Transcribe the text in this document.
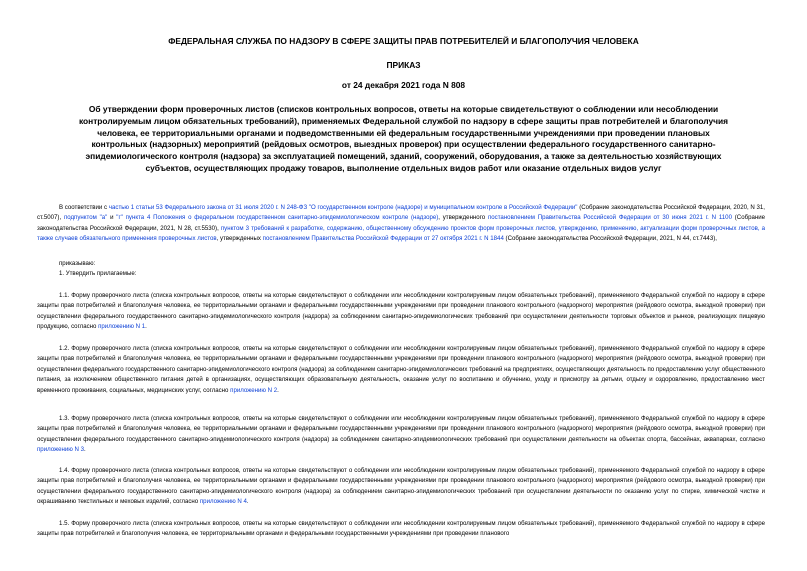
ФЕДЕРАЛЬНАЯ СЛУЖБА ПО НАДЗОРУ В СФЕРЕ ЗАЩИТЫ ПРАВ ПОТРЕБИТЕЛЕЙ И БЛАГОПОЛУЧИЯ ЧЕЛОВЕКА
ПРИКАЗ
от 24 декабря 2021 года N 808
Об утверждении форм проверочных листов (списков контрольных вопросов, ответы на которые свидетельствуют о соблюдении или несоблюдении контролируемым лицом обязательных требований), применяемых Федеральной службой по надзору в сфере защиты прав потребителей и благополучия человека, ее территориальными органами и подведомственными ей федеральным государственными учреждениями при проведении плановых контрольных (надзорных) мероприятий (рейдовых осмотров, выездных проверок) при осуществлении федерального государственного санитарно-эпидемиологического контроля (надзора) за эксплуатацией помещений, зданий, сооружений, оборудования, а также за деятельностью хозяйствующих субъектов, осуществляющих продажу товаров, выполнение отдельных видов работ или оказание отдельных видов услуг

В соответствии с частью 1 статьи 53 Федерального закона от 31 июля 2020 г. N 248-ФЗ "О государственном контроле (надзоре) и муниципальном контроле в Российской Федерации" (Собрание законодательства Российской Федерации, 2020, N 31, ст.5007), подпунктом "а" и "г" пункта 4 Положения о федеральном государственном санитарно-эпидемиологическом контроле (надзоре), утвержденного постановлением Правительства Российской Федерации от 30 июня 2021 г. N 1100 (Собрание законодательства Российской Федерации, 2021, N 28, ст.5530), пунктом 3 требований к разработке, содержанию, общественному обсуждению проектов форм проверочных листов, утверждению, применению, актуализации форм проверочных листов, а также случаев обязательного применения проверочных листов, утвержденных постановлением Правительства Российской Федерации от 27 октября 2021 г. N 1844 (Собрание законодательства Российской Федерации, 2021, N 44, ст.7443),

приказываю:

1. Утвердить прилагаемые:

1.1. Форму проверочного листа (списка контрольных вопросов, ответы на которые свидетельствуют о соблюдении или несоблюдении контролируемым лицом обязательных требований), применяемого Федеральной службой по надзору в сфере защиты прав потребителей и благополучия человека, ее территориальными органами и федеральными государственными учреждениями при проведении планового контрольного (надзорного) мероприятия (рейдового осмотра, выездной проверки) при осуществлении федерального государственного санитарно-эпидемиологического контроля (надзора) за соблюдением санитарно-эпидемиологических требований при осуществлении деятельности торговых объектов и рынков, реализующих пищевую продукцию, согласно приложению N 1.

1.2. Форму проверочного листа (списка контрольных вопросов, ответы на которые свидетельствуют о соблюдении или несоблюдении контролируемым лицом обязательных требований), применяемого Федеральной службой по надзору в сфере защиты прав потребителей и благополучия человека, ее территориальными органами и федеральными государственными учреждениями при проведении планового контрольного (надзорного) мероприятия (рейдового осмотра, выездной проверки) при осуществлении федерального государственного санитарно-эпидемиологического контроля (надзора) за соблюдением санитарно-эпидемиологических требований на предприятиях, осуществляющих деятельность по предоставлению услуг общественного питания, за исключением общественного питания детей в организациях, осуществляющих образовательную деятельность, оказание услуг по воспитанию и обучению, уходу и присмотру за детьми, отдыху и оздоровлению, предоставлению мест временного проживания, социальных, медицинских услуг, согласно приложению N 2.

1.3. Форму проверочного листа (списка контрольных вопросов, ответы на которые свидетельствуют о соблюдении или несоблюдении контролируемым лицом обязательных требований), применяемого Федеральной службой по надзору в сфере защиты прав потребителей и благополучия человека, ее территориальными органами и федеральными государственными учреждениями при проведении планового контрольного (надзорного) мероприятия (рейдового осмотра, выездной проверки) при осуществлении федерального государственного санитарно-эпидемиологического контроля (надзора) за соблюдением санитарно-эпидемиологических требований при осуществлении деятельности на объектах спорта, бассейнах, аквапарках, согласно приложению N 3.

1.4. Форму проверочного листа (списка контрольных вопросов, ответы на которые свидетельствуют о соблюдении или несоблюдении контролируемым лицом обязательных требований), применяемого Федеральной службой по надзору в сфере защиты прав потребителей и благополучия человека, ее территориальными органами и федеральными государственными учреждениями при проведении планового контрольного (надзорного) мероприятия (рейдового осмотра, выездной проверки) при осуществлении федерального государственного санитарно-эпидемиологического контроля (надзора) за соблюдением санитарно-эпидемиологических требований при осуществлении деятельности по оказанию услуг по стирке, химической чистке и окрашиванию текстильных и меховых изделий, согласно приложению N 4.

1.5. Форму проверочного листа (списка контрольных вопросов, ответы на которые свидетельствуют о соблюдении или несоблюдении контролируемым лицом обязательных требований), применяемого Федеральной службой по надзору в сфере защиты прав потребителей и благополучия человека, ее территориальными органами и федеральными государственными учреждениями при проведении планового
